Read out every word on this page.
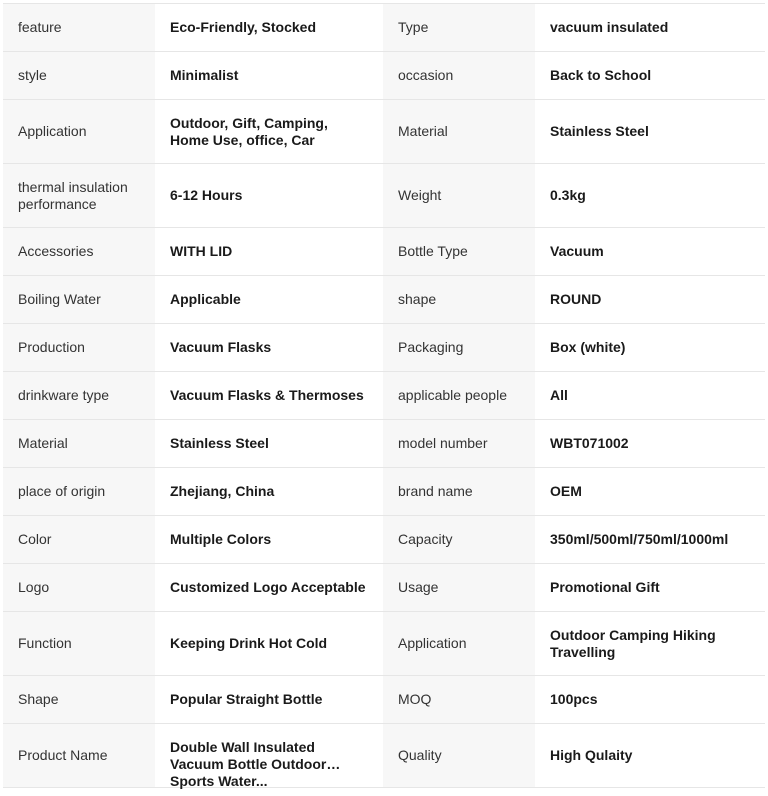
feature	Eco-Friendly, Stocked	Type	vacuum insulated
style	Minimalist	occasion	Back to School
Application	Outdoor, Gift, Camping, Home Use, office, Car	Material	Stainless Steel
thermal insulation performance	6-12 Hours	Weight	0.3kg
Accessories	WITH LID	Bottle Type	Vacuum
Boiling Water	Applicable	shape	ROUND
Production	Vacuum Flasks	Packaging	Box (white)
drinkware type	Vacuum Flasks & Thermoses	applicable people	All
Material	Stainless Steel	model number	WBT071002
place of origin	Zhejiang, China	brand name	OEM
Color	Multiple Colors	Capacity	350ml/500ml/750ml/1000ml
Logo	Customized Logo Acceptable	Usage	Promotional Gift
Function	Keeping Drink Hot Cold	Application	Outdoor Camping Hiking Travelling
Shape	Popular Straight Bottle	MOQ	100pcs
Product Name	Double Wall Insulated Vacuum Bottle Outdoor Sports Water...	Quality	High Qulaity
